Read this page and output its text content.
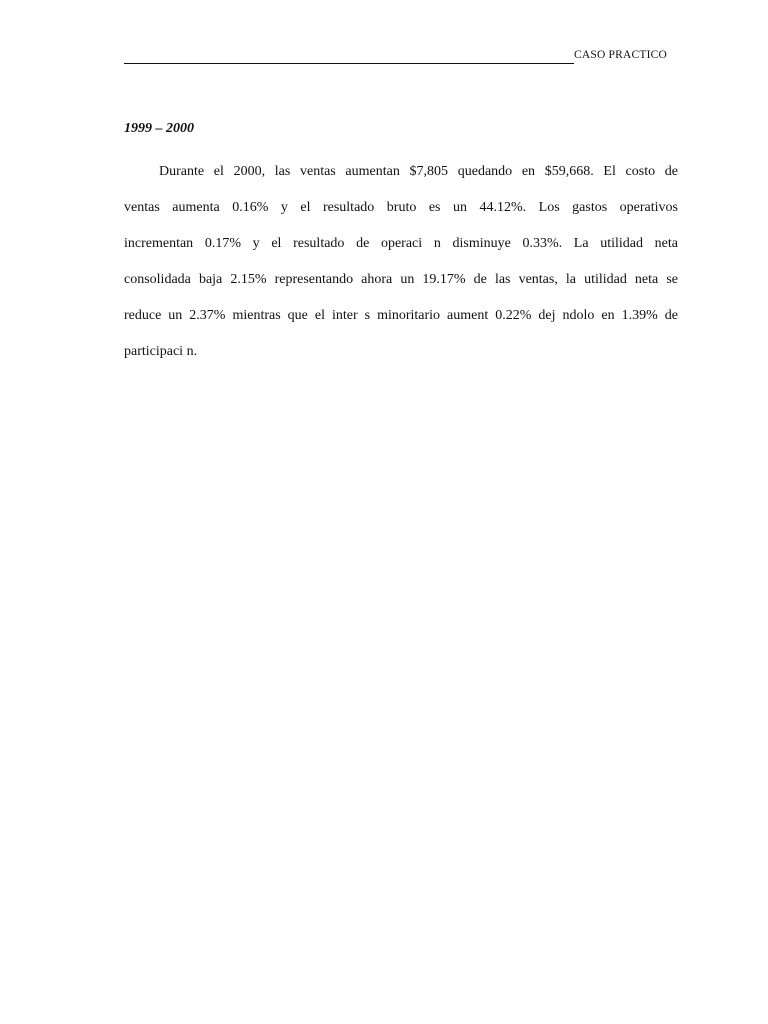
CASO PRACTICO
1999 – 2000
Durante el 2000, las ventas aumentan $7,805 quedando en $59,668. El costo de
ventas aumenta 0.16% y el resultado bruto es un 44.12%. Los gastos operativos
incrementan 0.17% y el resultado de operaci n disminuye 0.33%. La utilidad neta
consolidada baja 2.15% representando ahora un 19.17% de las ventas, la utilidad neta se
reduce un 2.37% mientras que el inter s minoritario aument 0.22% dej ndolo en 1.39% de
participaci n.
